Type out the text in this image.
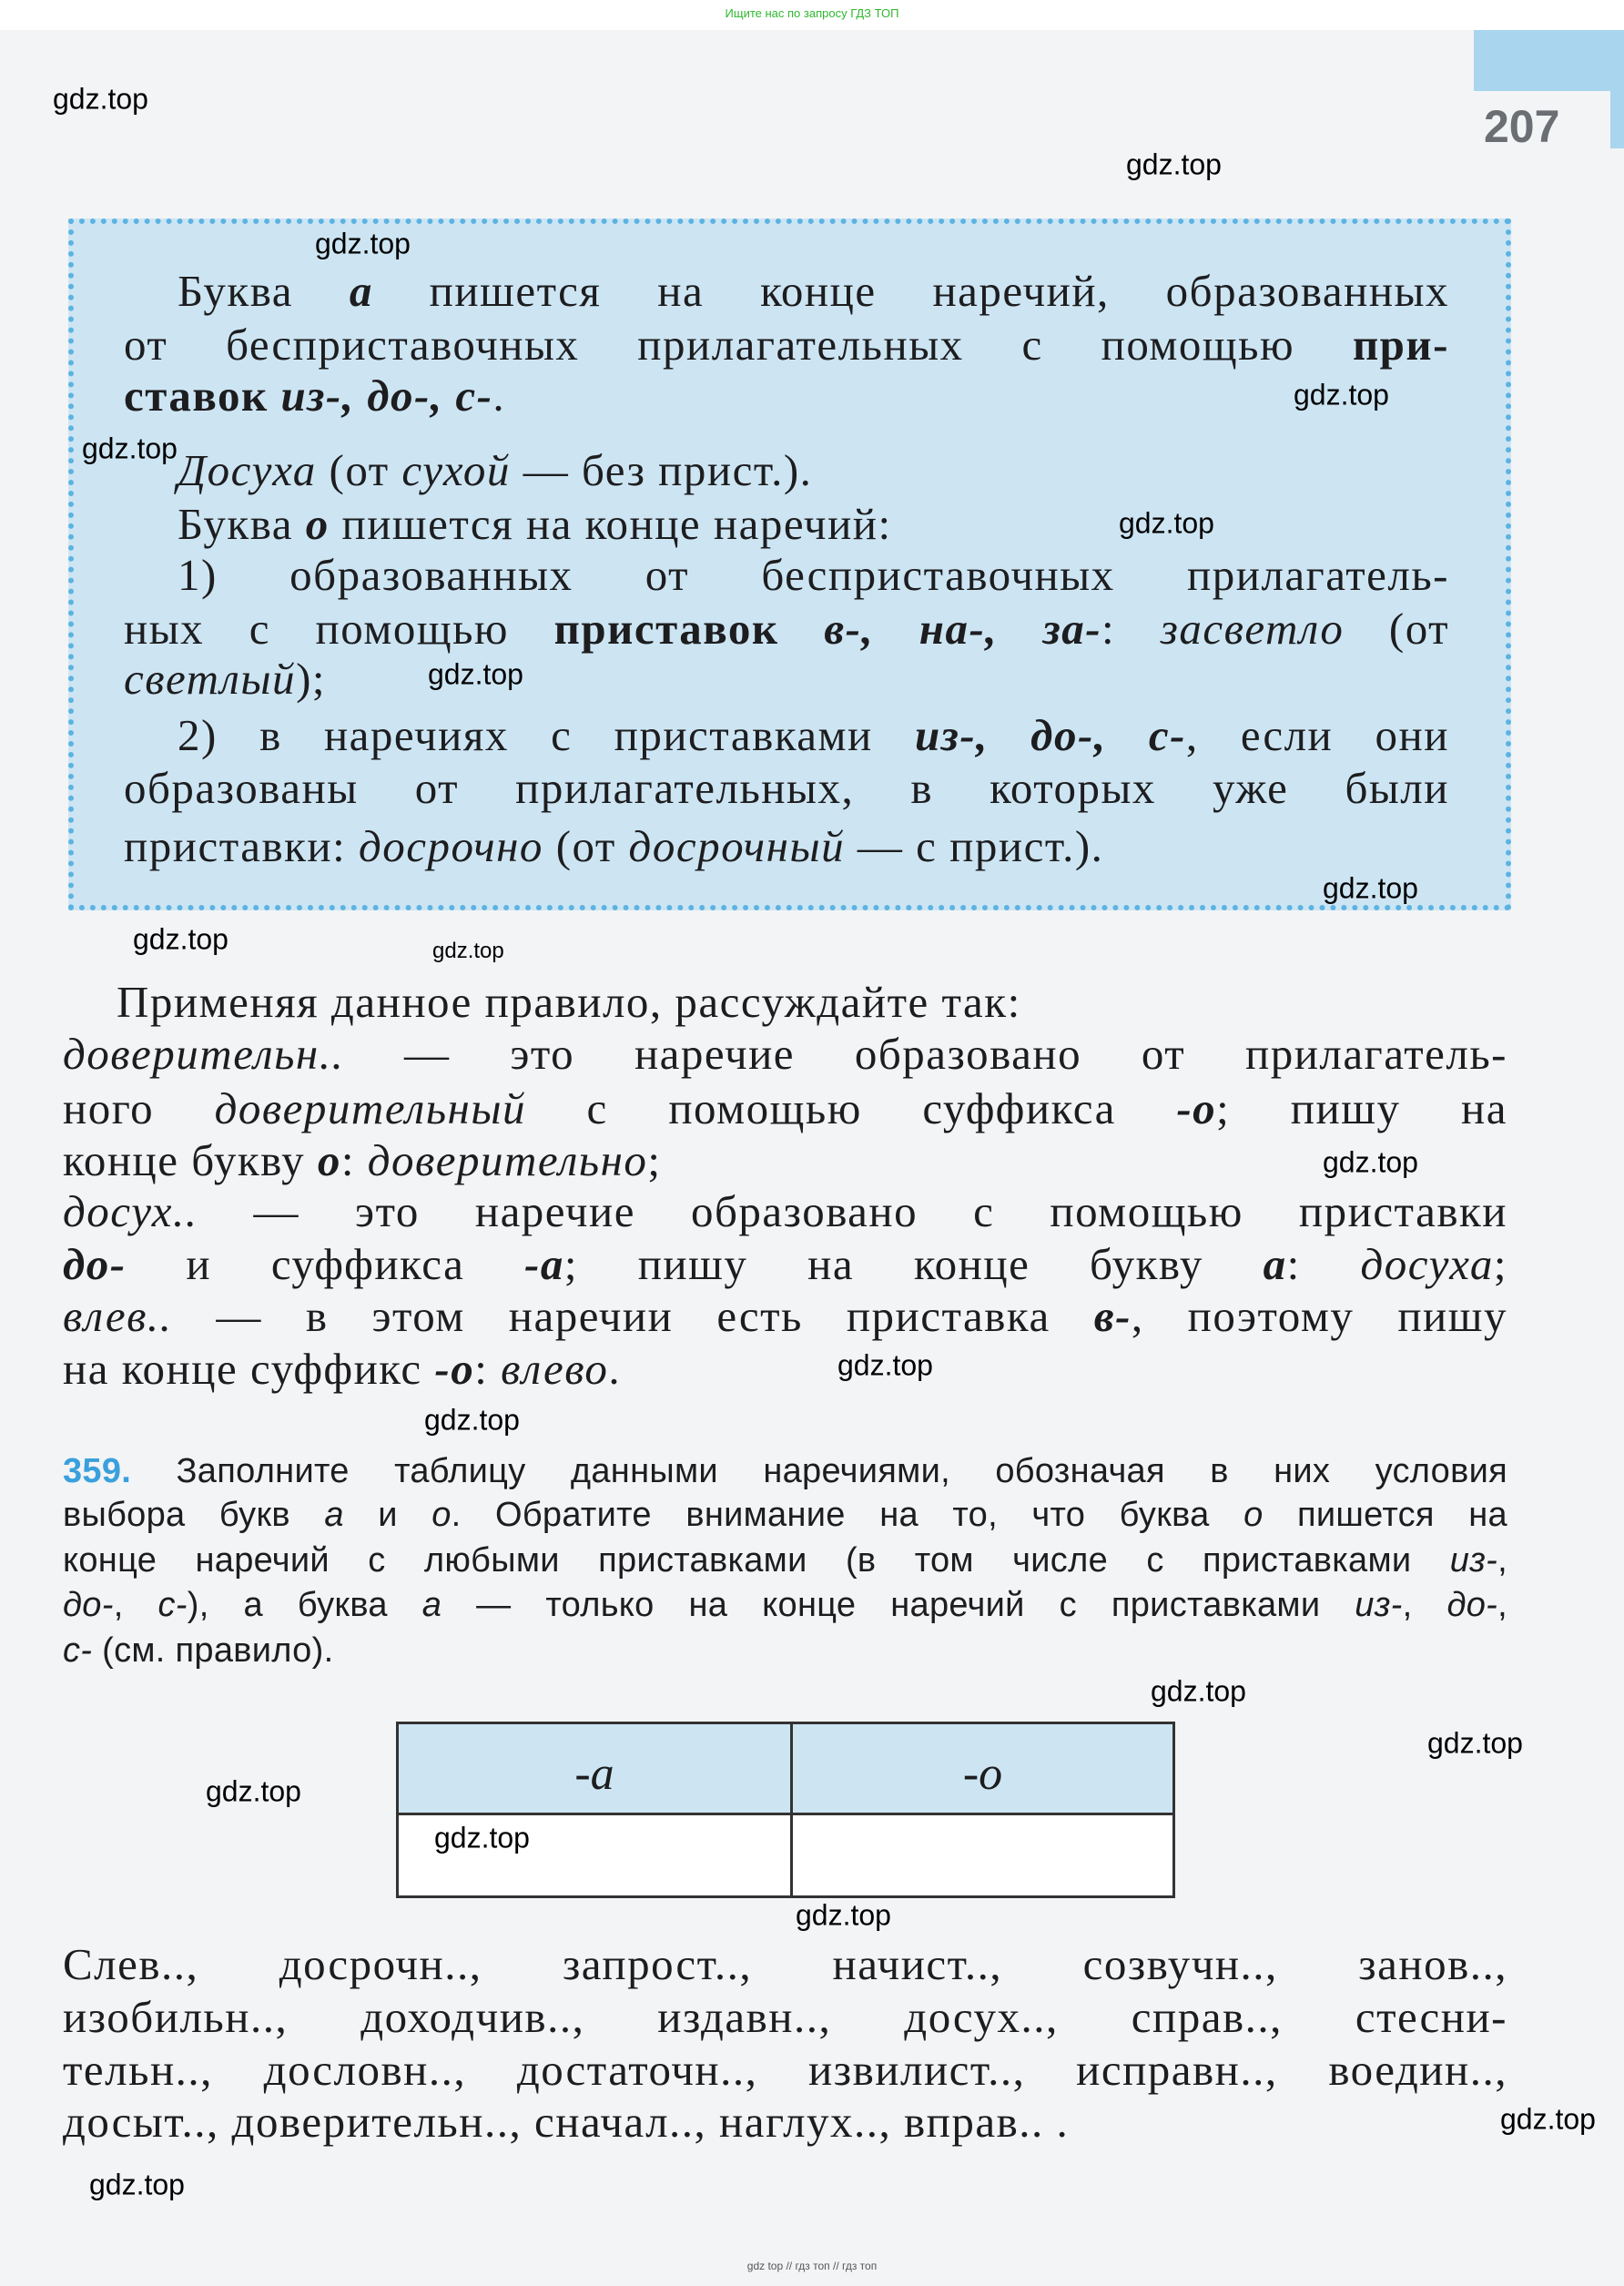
Ищите нас по запросу ГДЗ ТОП
207
Буква а пишется на конце наречий, образованных
от бесприставочных прилагательных с помощью при-
ставок из-, до-, с-.
Досуха (от сухой — без прист.).
Буква о пишется на конце наречий:
1) образованных от бесприставочных прилагатель-
ных с помощью приставок в-, на-, за-: засветло (от
светлый);
2) в наречиях с приставками из-, до-, с-, если они
образованы от прилагательных, в которых уже были
приставки: досрочно (от досрочный — с прист.).
Применяя данное правило, рассуждайте так:
доверительн.. — это наречие образовано от прилагатель-
ного доверительный с помощью суффикса -о; пишу на
конце букву о: доверительно;
досух.. — это наречие образовано с помощью приставки
до- и суффикса -а; пишу на конце букву а: досуха;
влев.. — в этом наречии есть приставка в-, поэтому пишу
на конце суффикс -о: влево.
359. Заполните таблицу данными наречиями, обозначая в них условия
выбора букв а и о. Обратите внимание на то, что буква о пишется на
конце наречий с любыми приставками (в том числе с приставками из-,
до-, с-), а буква а — только на конце наречий с приставками из-, до-,
с- (см. правило).
Слев.., досрочн.., запрост.., начист.., созвучн.., занов..,
изобильн.., доходчив.., издавн.., досух.., справ.., стесни-
тельн.., дословн.., достаточн.., извилист.., исправн.., воедин..,
досыт.., доверительн.., сначал.., наглух.., вправ.. .
-а	-о
gdz.top
gdz.top
gdz.top
gdz.top
gdz.top
gdz.top
gdz.top
gdz.top
gdz.top	gdz.top
gdz.top
gdz.top
gdz.top
gdz.top
gdz.top
gdz.top
gdz.top
gdz.top
gdz.top
gdz.top
gdz top // гдз топ // гдз топ
